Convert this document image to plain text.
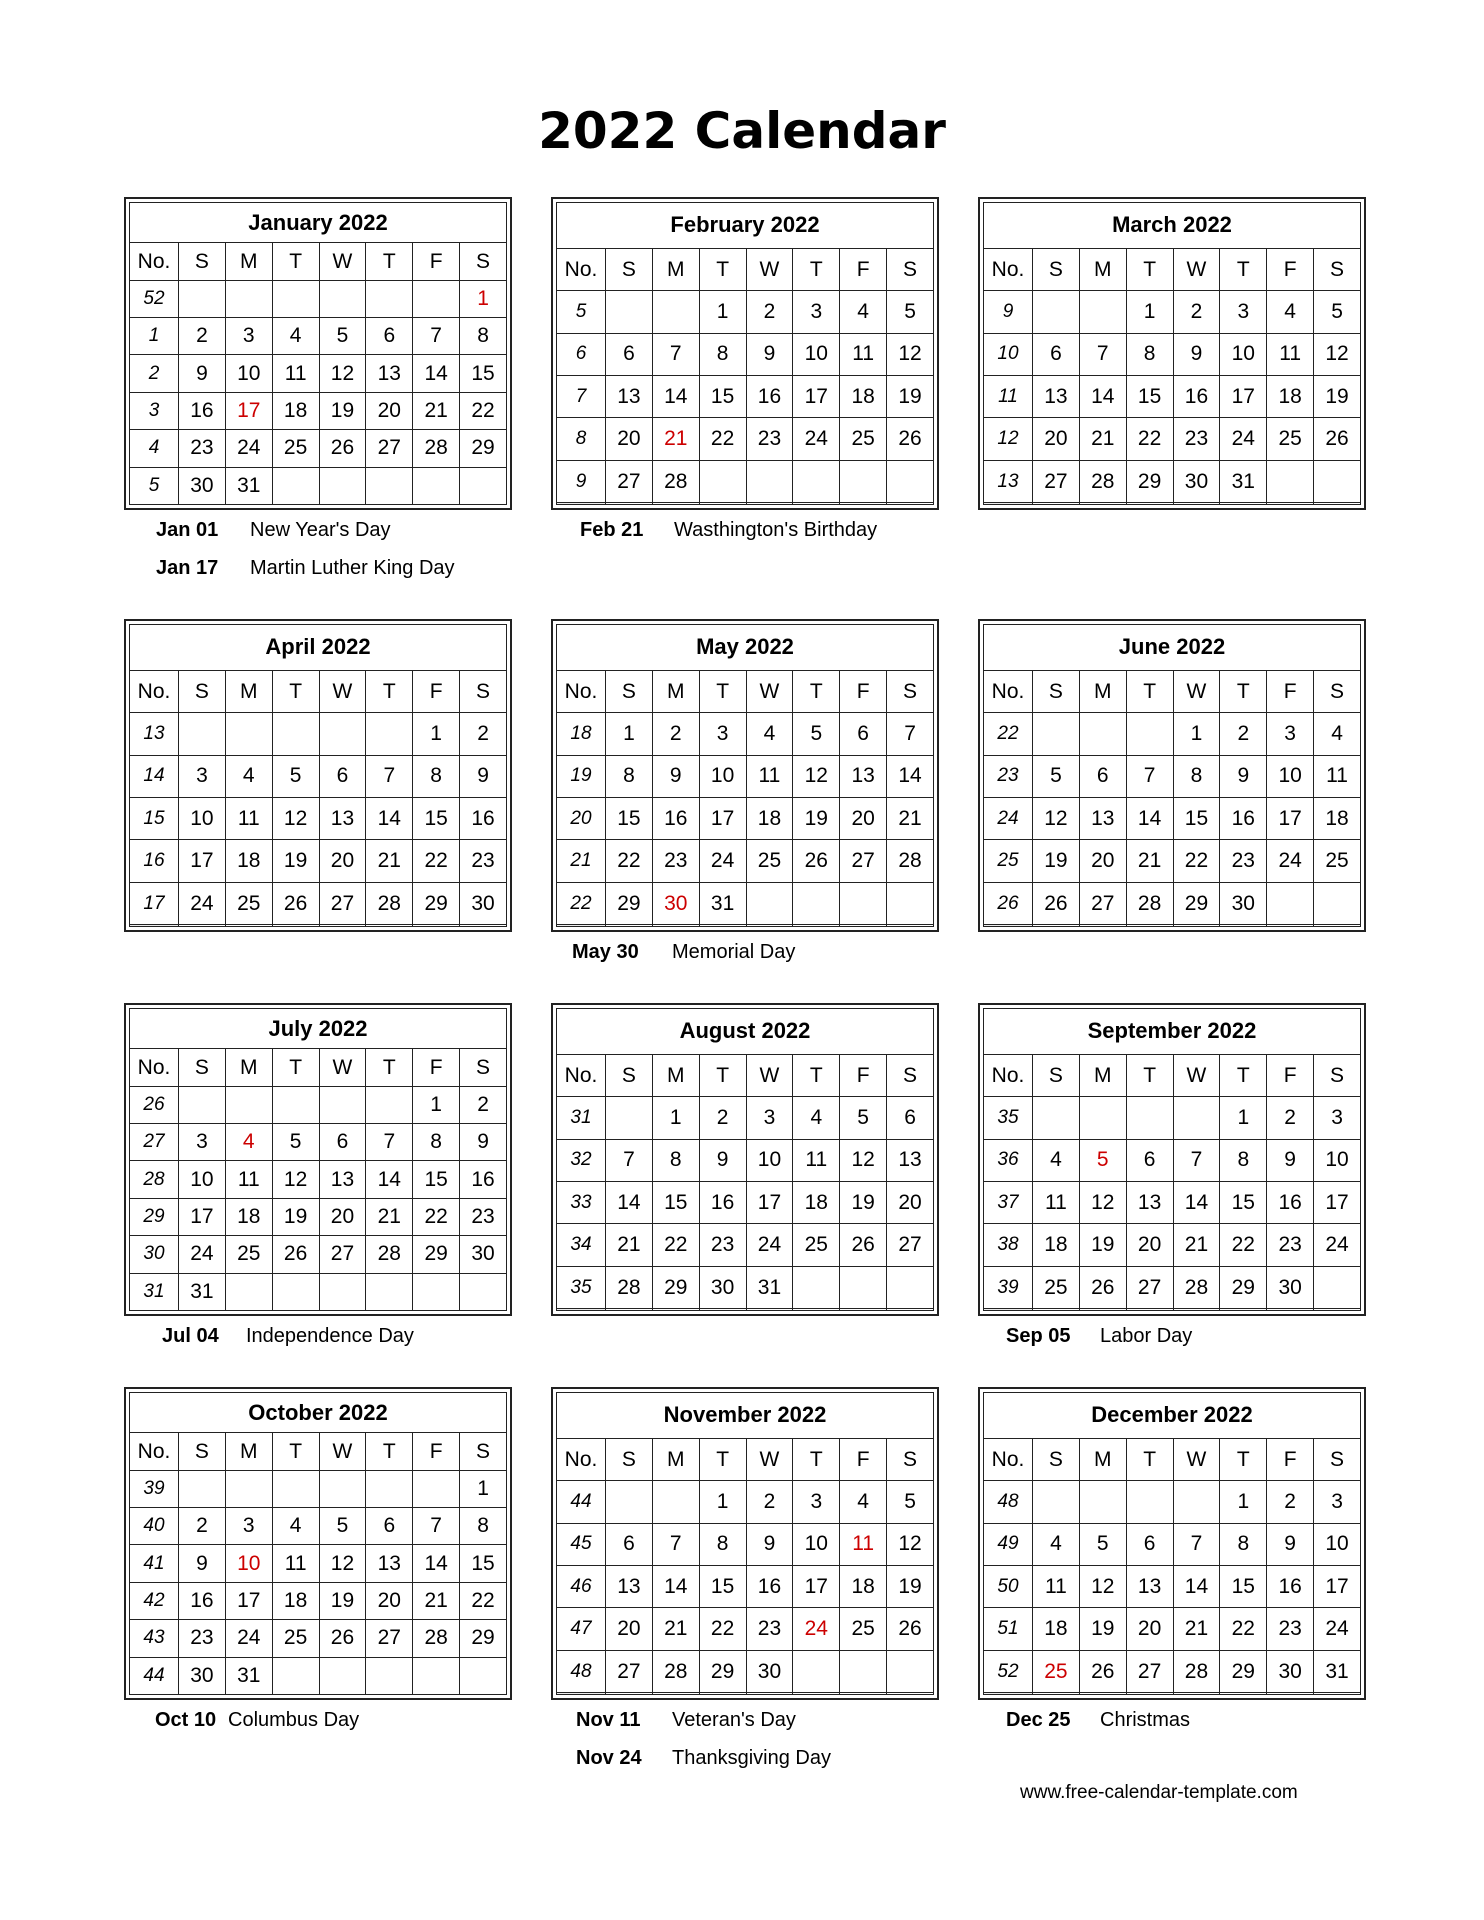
2022 Calendar
January 2022							
No.	S	M	T	W	T	F	S
52							1
1	2	3	4	5	6	7	8
2	9	10	11	12	13	14	15
3	16	17	18	19	20	21	22
4	23	24	25	26	27	28	29
5	30	31					
February 2022							
No.	S	M	T	W	T	F	S
5			1	2	3	4	5
6	6	7	8	9	10	11	12
7	13	14	15	16	17	18	19
8	20	21	22	23	24	25	26
9	27	28					

March 2022							
No.	S	M	T	W	T	F	S
9			1	2	3	4	5
10	6	7	8	9	10	11	12
11	13	14	15	16	17	18	19
12	20	21	22	23	24	25	26
13	27	28	29	30	31		

April 2022							
No.	S	M	T	W	T	F	S
13						1	2
14	3	4	5	6	7	8	9
15	10	11	12	13	14	15	16
16	17	18	19	20	21	22	23
17	24	25	26	27	28	29	30

May 2022							
No.	S	M	T	W	T	F	S
18	1	2	3	4	5	6	7
19	8	9	10	11	12	13	14
20	15	16	17	18	19	20	21
21	22	23	24	25	26	27	28
22	29	30	31				

June 2022							
No.	S	M	T	W	T	F	S
22				1	2	3	4
23	5	6	7	8	9	10	11
24	12	13	14	15	16	17	18
25	19	20	21	22	23	24	25
26	26	27	28	29	30		

July 2022							
No.	S	M	T	W	T	F	S
26						1	2
27	3	4	5	6	7	8	9
28	10	11	12	13	14	15	16
29	17	18	19	20	21	22	23
30	24	25	26	27	28	29	30
31	31						
August 2022							
No.	S	M	T	W	T	F	S
31		1	2	3	4	5	6
32	7	8	9	10	11	12	13
33	14	15	16	17	18	19	20
34	21	22	23	24	25	26	27
35	28	29	30	31			

September 2022							
No.	S	M	T	W	T	F	S
35					1	2	3
36	4	5	6	7	8	9	10
37	11	12	13	14	15	16	17
38	18	19	20	21	22	23	24
39	25	26	27	28	29	30	

October 2022							
No.	S	M	T	W	T	F	S
39							1
40	2	3	4	5	6	7	8
41	9	10	11	12	13	14	15
42	16	17	18	19	20	21	22
43	23	24	25	26	27	28	29
44	30	31					
November 2022							
No.	S	M	T	W	T	F	S
44			1	2	3	4	5
45	6	7	8	9	10	11	12
46	13	14	15	16	17	18	19
47	20	21	22	23	24	25	26
48	27	28	29	30			

December 2022							
No.	S	M	T	W	T	F	S
48					1	2	3
49	4	5	6	7	8	9	10
50	11	12	13	14	15	16	17
51	18	19	20	21	22	23	24
52	25	26	27	28	29	30	31

Jan 01 New Year's Day
Jan 17 Martin Luther King Day
Feb 21 Wasthington's Birthday
May 30 Memorial Day
Jul 04 Independence Day	Sep 05 Labor Day
Oct 10 Columbus Day	Nov 11 Veteran's Day
Nov 24 Thanksgiving Day
Dec 25 Christmas
www.free-calendar-template.com
